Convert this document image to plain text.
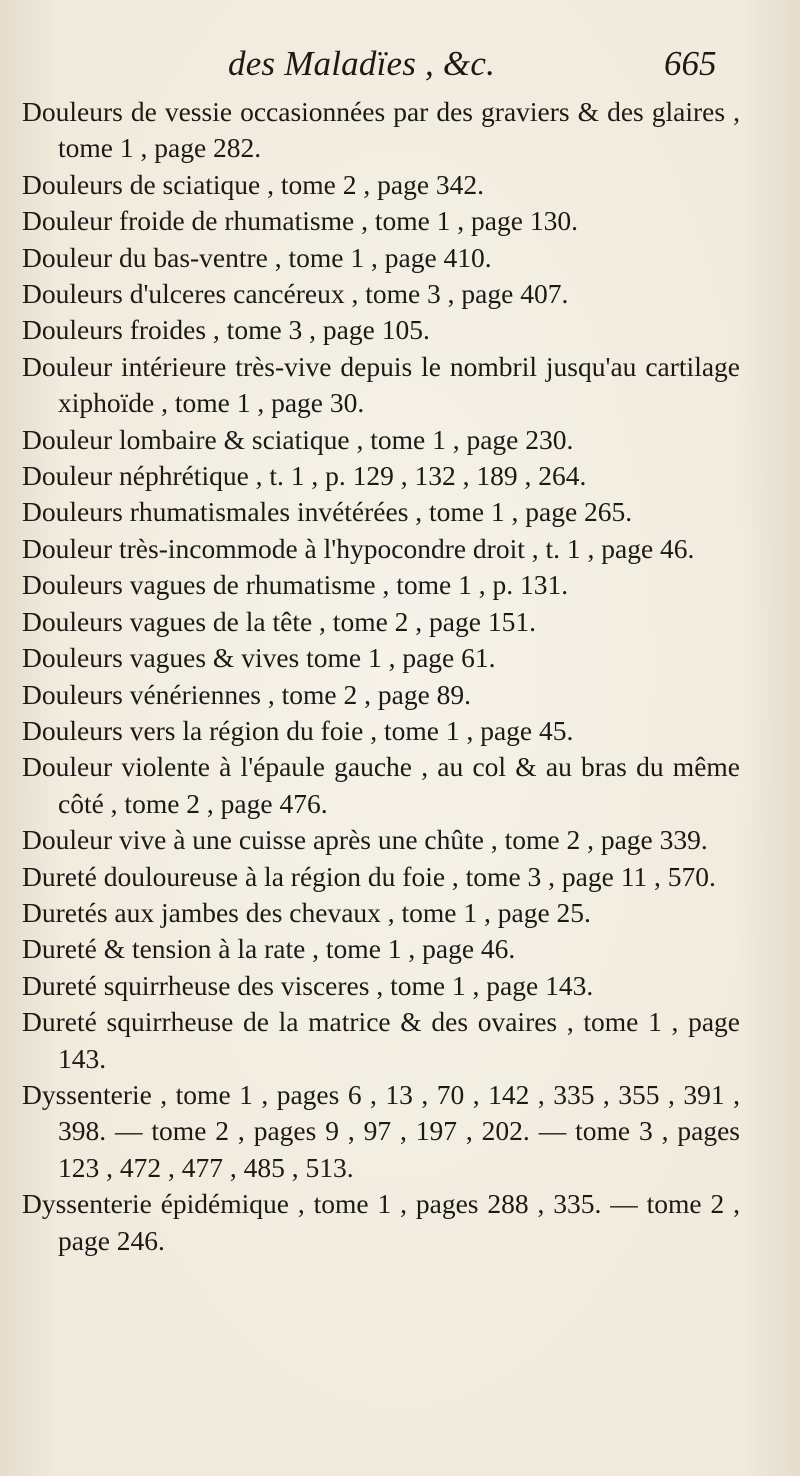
des Maladïes , &c.	665
Douleurs de vessie occasionnées par des graviers & des glaires , tome 1 , page 282.
Douleurs de sciatique , tome 2 , page 342.
Douleur froide de rhumatisme , tome 1 , page 130.
Douleur du bas-ventre , tome 1 , page 410.
Douleurs d'ulceres cancéreux , tome 3 , page 407.
Douleurs froides , tome 3 , page 105.
Douleur intérieure très-vive depuis le nombril jusqu'au cartilage xiphoïde , tome 1 , page 30.
Douleur lombaire & sciatique , tome 1 , page 230.
Douleur néphrétique , t. 1 , p. 129 , 132 , 189 , 264.
Douleurs rhumatismales invétérées , tome 1 , page 265.
Douleur très-incommode à l'hypocondre droit , t. 1 , page 46.
Douleurs vagues de rhumatisme , tome 1 , p. 131.
Douleurs vagues de la tête , tome 2 , page 151.
Douleurs vagues & vives tome 1 , page 61.
Douleurs vénériennes , tome 2 , page 89.
Douleurs vers la région du foie , tome 1 , page 45.
Douleur violente à l'épaule gauche , au col & au bras du même côté , tome 2 , page 476.
Douleur vive à une cuisse après une chûte , tome 2 , page 339.
Dureté douloureuse à la région du foie , tome 3 , page 11 , 570.
Duretés aux jambes des chevaux , tome 1 , page 25.
Dureté & tension à la rate , tome 1 , page 46.
Dureté squirrheuse des visceres , tome 1 , page 143.
Dureté squirrheuse de la matrice & des ovaires , tome 1 , page 143.
Dyssenterie , tome 1 , pages 6 , 13 , 70 , 142 , 335 , 355 , 391 , 398. — tome 2 , pages 9 , 97 , 197 , 202. — tome 3 , pages 123 , 472 , 477 , 485 , 513.
Dyssenterie épidémique , tome 1 , pages 288 , 335. — tome 2 , page 246.
